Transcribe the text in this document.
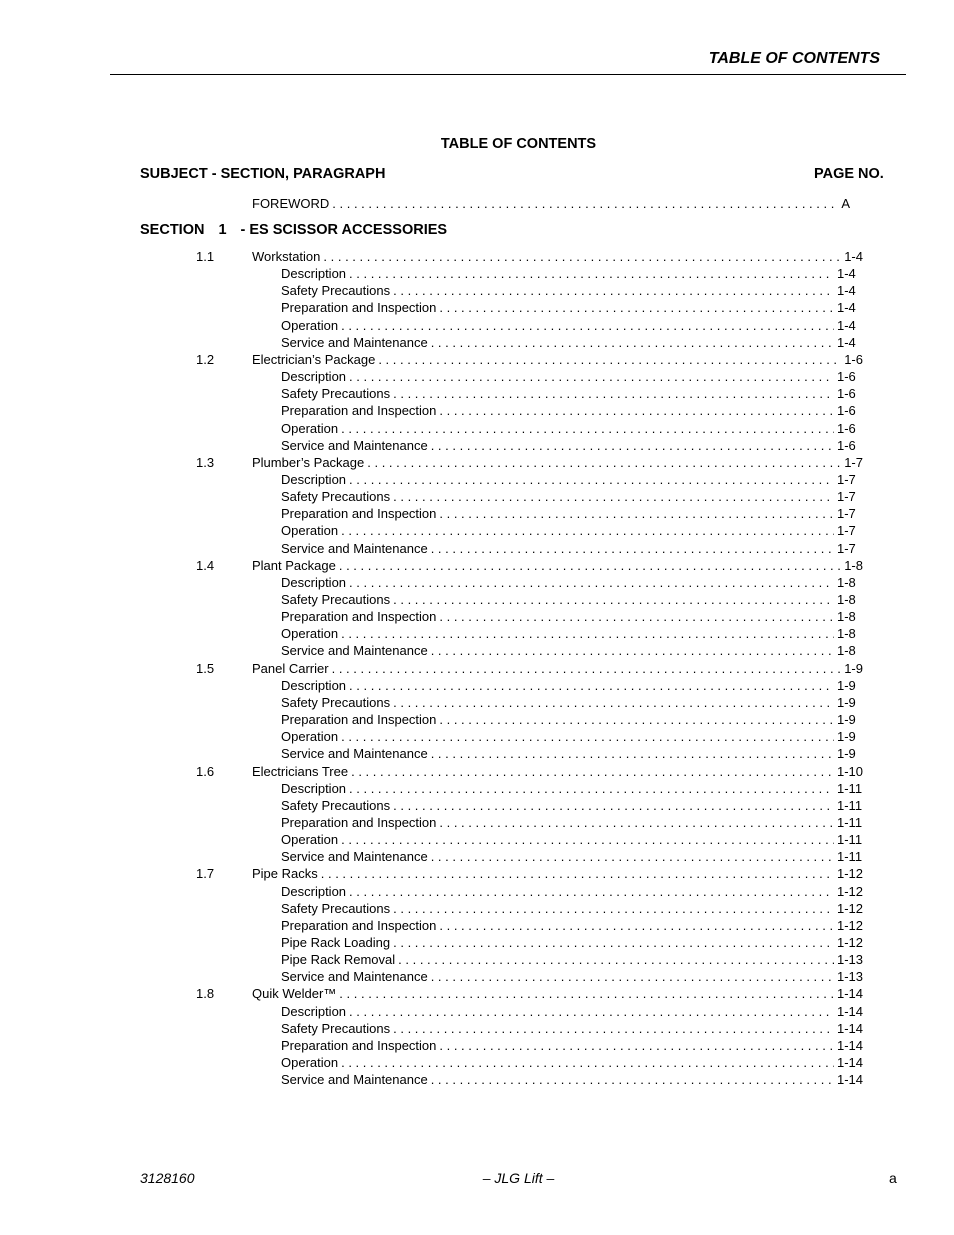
TABLE OF CONTENTS
TABLE OF CONTENTS
SUBJECT - SECTION, PARAGRAPH	PAGE NO.
FOREWORD . . .	A
SECTION 1 - ES SCISSOR ACCESSORIES
1.1	Workstation . . .	1-4
Description . . .	1-4
Safety Precautions . . .	1-4
Preparation and Inspection . . .	1-4
Operation . . .	1-4
Service and Maintenance . . .	1-4
1.2	Electrician’s Package . . .	1-6
Description . . .	1-6
Safety Precautions . . .	1-6
Preparation and Inspection . . .	1-6
Operation . . .	1-6
Service and Maintenance . . .	1-6
1.3	Plumber’s Package . . .	1-7
Description . . .	1-7
Safety Precautions . . .	1-7
Preparation and Inspection . . .	1-7
Operation . . .	1-7
Service and Maintenance . . .	1-7
1.4	Plant Package . . .	1-8
Description . . .	1-8
Safety Precautions . . .	1-8
Preparation and Inspection . . .	1-8
Operation . . .	1-8
Service and Maintenance . . .	1-8
1.5	Panel Carrier . . .	1-9
Description . . .	1-9
Safety Precautions . . .	1-9
Preparation and Inspection . . .	1-9
Operation . . .	1-9
Service and Maintenance . . .	1-9
1.6	Electricians Tree . . .	1-10
Description . . .	1-11
Safety Precautions . . .	1-11
Preparation and Inspection . . .	1-11
Operation . . .	1-11
Service and Maintenance . . .	1-11
1.7	Pipe Racks . . .	1-12
Description . . .	1-12
Safety Precautions . . .	1-12
Preparation and Inspection . . .	1-12
Pipe Rack Loading . . .	1-12
Pipe Rack Removal . . .	1-13
Service and Maintenance . . .	1-13
1.8	Quik Welder™ . . .	1-14
Description . . .	1-14
Safety Precautions . . .	1-14
Preparation and Inspection . . .	1-14
Operation . . .	1-14
Service and Maintenance . . .	1-14
3128160	– JLG Lift –	a
